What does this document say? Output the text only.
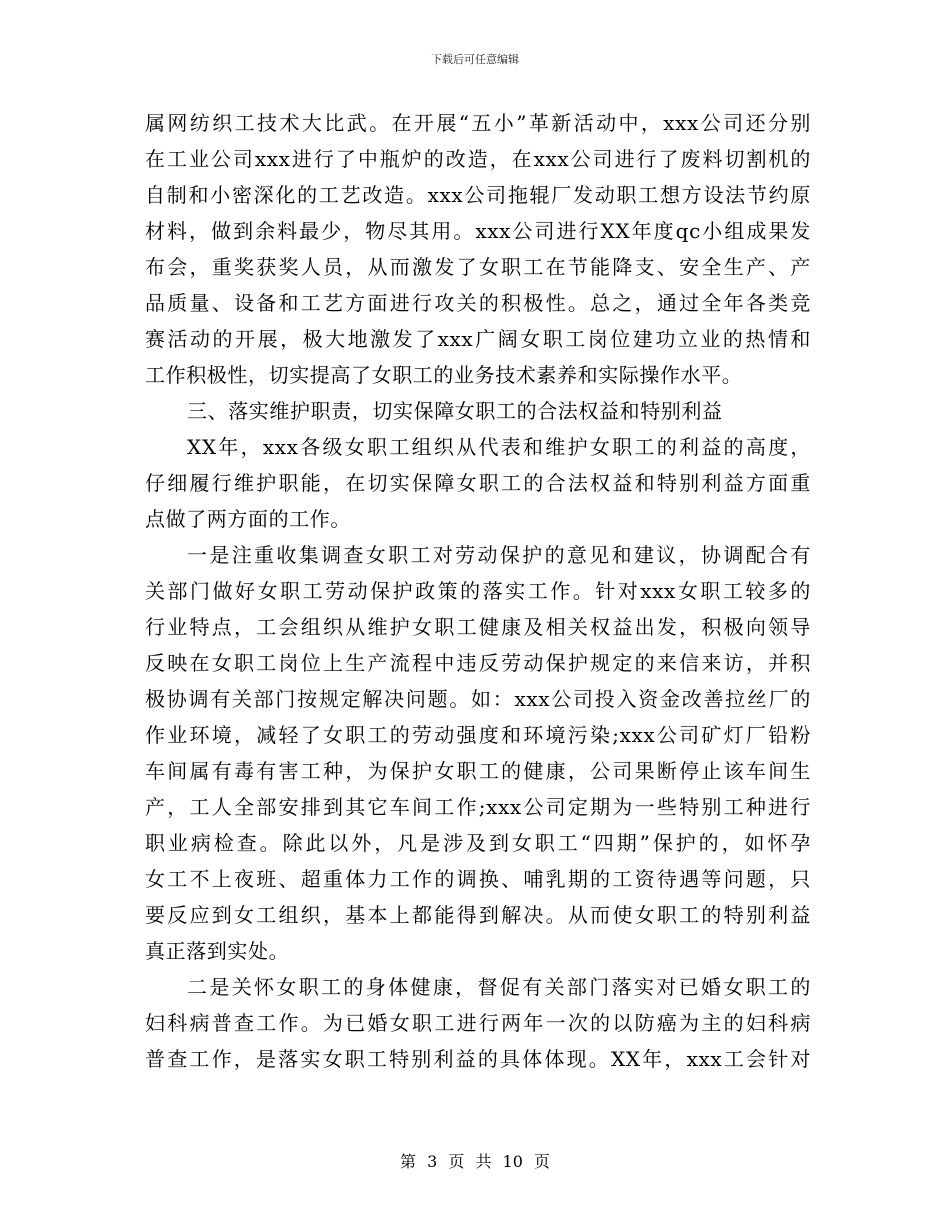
下载后可任意编辑
属网纺织工技术大比武。在开展“五小”革新活动中，xxx公司还分别
在工业公司xxx进行了中瓶炉的改造，在xxx公司进行了废料切割机的
自制和小密深化的工艺改造。xxx公司拖辊厂发动职工想方设法节约原
材料，做到余料最少，物尽其用。xxx公司进行XX年度qc小组成果发
布会，重奖获奖人员，从而激发了女职工在节能降支、安全生产、产
品质量、设备和工艺方面进行攻关的积极性。总之，通过全年各类竞
赛活动的开展，极大地激发了xxx广阔女职工岗位建功立业的热情和
工作积极性，切实提高了女职工的业务技术素养和实际操作水平。
三、落实维护职责，切实保障女职工的合法权益和特别利益
XX年，xxx各级女职工组织从代表和维护女职工的利益的高度，
仔细履行维护职能，在切实保障女职工的合法权益和特别利益方面重
点做了两方面的工作。
一是注重收集调查女职工对劳动保护的意见和建议，协调配合有
关部门做好女职工劳动保护政策的落实工作。针对xxx女职工较多的
行业特点，工会组织从维护女职工健康及相关权益出发，积极向领导
反映在女职工岗位上生产流程中违反劳动保护规定的来信来访，并积
极协调有关部门按规定解决问题。如：xxx公司投入资金改善拉丝厂的
作业环境，减轻了女职工的劳动强度和环境污染;xxx公司矿灯厂铅粉
车间属有毒有害工种，为保护女职工的健康，公司果断停止该车间生
产，工人全部安排到其它车间工作;xxx公司定期为一些特别工种进行
职业病检查。除此以外，凡是涉及到女职工“四期”保护的，如怀孕
女工不上夜班、超重体力工作的调换、哺乳期的工资待遇等问题，只
要反应到女工组织，基本上都能得到解决。从而使女职工的特别利益
真正落到实处。
二是关怀女职工的身体健康，督促有关部门落实对已婚女职工的
妇科病普查工作。为已婚女职工进行两年一次的以防癌为主的妇科病
普查工作，是落实女职工特别利益的具体体现。XX年，xxx工会针对
第 3 页 共 10 页
